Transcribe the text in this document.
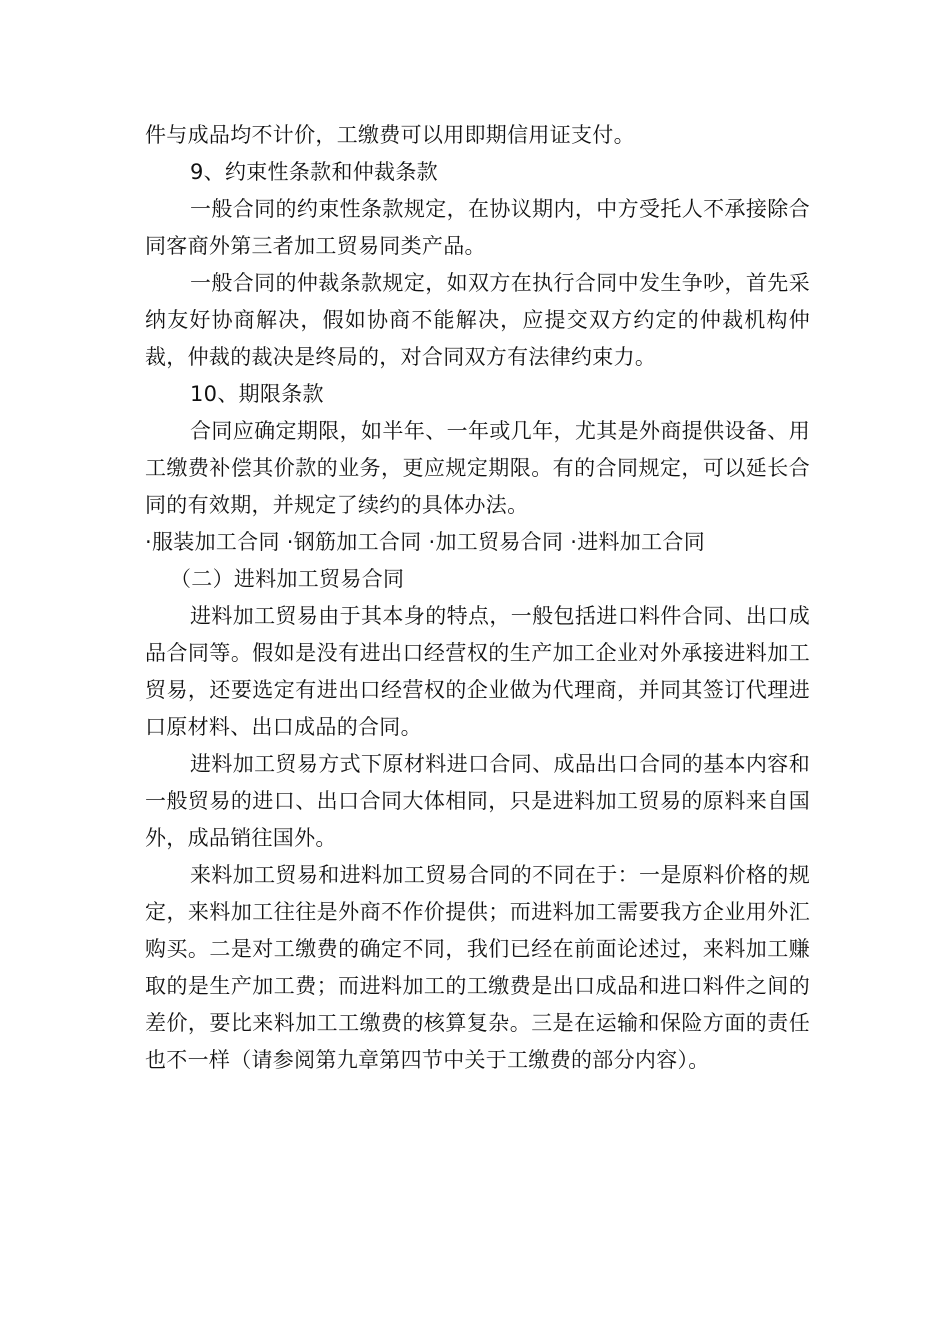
件与成品均不计价，工缴费可以用即期信用证支付。

9、约束性条款和仲裁条款

一般合同的约束性条款规定，在协议期内，中方受托人不承接除合同客商外第三者加工贸易同类产品。

一般合同的仲裁条款规定，如双方在执行合同中发生争吵，首先采纳友好协商解决，假如协商不能解决，应提交双方约定的仲裁机构仲裁，仲裁的裁决是终局的，对合同双方有法律约束力。

10、期限条款

合同应确定期限，如半年、一年或几年，尤其是外商提供设备、用工缴费补偿其价款的业务，更应规定期限。有的合同规定，可以延长合同的有效期，并规定了续约的具体办法。

·服装加工合同 ·钢筋加工合同 ·加工贸易合同 ·进料加工合同

（二）进料加工贸易合同

进料加工贸易由于其本身的特点，一般包括进口料件合同、出口成品合同等。假如是没有进出口经营权的生产加工企业对外承接进料加工贸易，还要选定有进出口经营权的企业做为代理商，并同其签订代理进口原材料、出口成品的合同。

进料加工贸易方式下原材料进口合同、成品出口合同的基本内容和一般贸易的进口、出口合同大体相同，只是进料加工贸易的原料来自国外，成品销往国外。

来料加工贸易和进料加工贸易合同的不同在于：一是原料价格的规定，来料加工往往是外商不作价提供；而进料加工需要我方企业用外汇购买。二是对工缴费的确定不同，我们已经在前面论述过，来料加工赚取的是生产加工费；而进料加工的工缴费是出口成品和进口料件之间的差价，要比来料加工工缴费的核算复杂。三是在运输和保险方面的责任也不一样（请参阅第九章第四节中关于工缴费的部分内容）。
